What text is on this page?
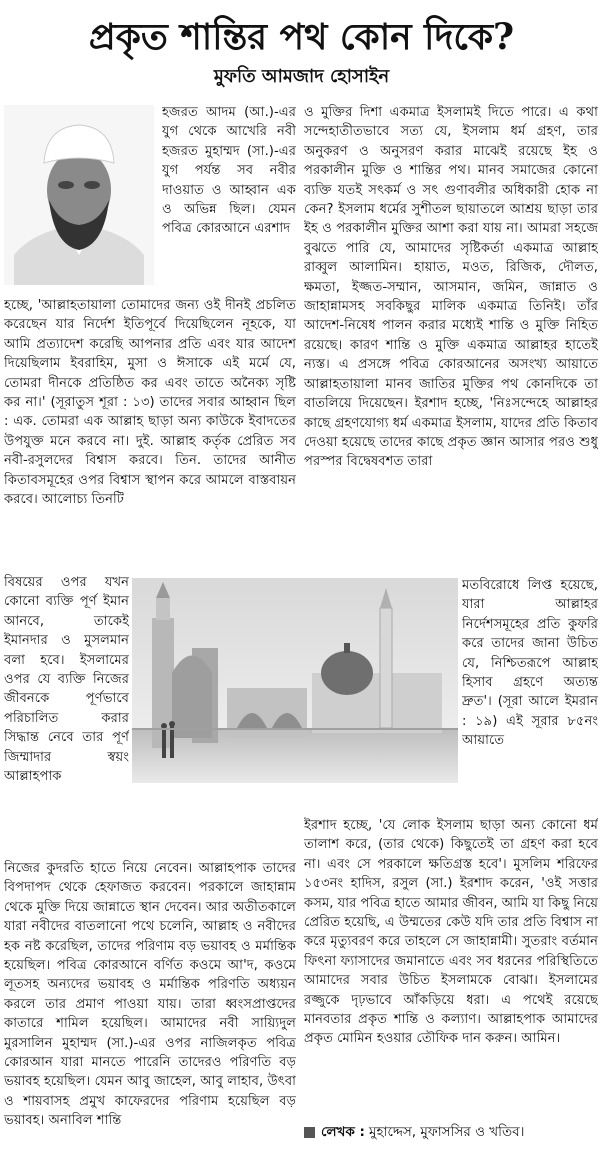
প্রকৃত শান্তির পথ কোন দিকে?
মুফতি আমজাদ হোসাইন

হজরত আদম (আ.)-এর যুগ থেকে আখেরি নবী হজরত মুহাম্মদ (সা.)-এর যুগ পর্যন্ত সব নবীর দাওয়াত ও আহ্বান এক ও অভিন্ন ছিল। যেমন পবিত্র কোরআনে এরশাদ

হচ্ছে, 'আল্লাহতায়ালা তোমাদের জন্য ওই দীনই প্রচলিত করেছেন যার নির্দেশ ইতিপূর্বে দিয়েছিলেন নূহকে, যা আমি প্রত্যাদেশ করেছি আপনার প্রতি এবং যার আদেশ দিয়েছিলাম ইবরাহিম, মুসা ও ঈসাকে এই মর্মে যে, তোমরা দীনকে প্রতিষ্ঠিত কর এবং তাতে অনৈক্য সৃষ্টি কর না।' (সূরাতুস শূরা : ১৩) তাদের সবার আহ্বান ছিল : এক. তোমরা এক আল্লাহ ছাড়া অন্য কাউকে ইবাদতের উপযুক্ত মনে করবে না। দুই. আল্লাহ কর্তৃক প্রেরিত সব নবী-রসুলদের বিশ্বাস করবে। তিন. তাদের আনীত কিতাবসমূহের ওপর বিশ্বাস স্থাপন করে আমলে বাস্তবায়ন করবে। আলোচ্য তিনটি

বিষয়ের ওপর যখন কোনো ব্যক্তি পূর্ণ ইমান আনবে, তাকেই ইমানদার ও মুসলমান বলা হবে। ইসলামের ওপর যে ব্যক্তি নিজের জীবনকে পূর্ণভাবে পরিচালিত করার সিদ্ধান্ত নেবে তার পূর্ণ জিম্মাদার স্বয়ং আল্লাহপাক

নিজের কুদরতি হাতে নিয়ে নেবেন। আল্লাহপাক তাদের বিপদাপদ থেকে হেফাজত করবেন। পরকালে জাহান্নাম থেকে মুক্তি দিয়ে জান্নাতে স্থান দেবেন। আর অতীতকালে যারা নবীদের বাতলানো পথে চলেনি, আল্লাহ ও নবীদের হক নষ্ট করেছিল, তাদের পরিণাম বড় ভয়াবহ ও মর্মান্তিক হয়েছিল। পবিত্র কোরআনে বর্ণিত কওমে আ'দ, কওমে লূতসহ অন্যদের ভয়াবহ ও মর্মান্তিক পরিণতি অধ্যয়ন করলে তার প্রমাণ পাওয়া যায়। তারা ধ্বংসপ্রাপ্তদের কাতারে শামিল হয়েছিল। আমাদের নবী সায়্যিদুল মুরসালিন মুহাম্মদ (সা.)-এর ওপর নাজিলকৃত পবিত্র কোরআন যারা মানতে পারেনি তাদেরও পরিণতি বড় ভয়াবহ হয়েছিল। যেমন আবু জাহেল, আবু লাহাব, উৎবা ও শায়বাসহ প্রমুখ কাফেরদের পরিণাম হয়েছিল বড় ভয়াবহ। অনাবিল শান্তি

ও মুক্তির দিশা একমাত্র ইসলামই দিতে পারে। এ কথা সন্দেহাতীতভাবে সত্য যে, ইসলাম ধর্ম গ্রহণ, তার অনুকরণ ও অনুসরণ করার মাঝেই রয়েছে ইহ ও পরকালীন মুক্তি ও শান্তির পথ। মানব সমাজের কোনো ব্যক্তি যতই সৎকর্ম ও সৎ গুণাবলীর অধিকারী হোক না কেন? ইসলাম ধর্মের সুশীতল ছায়াতলে আশ্রয় ছাড়া তার ইহ ও পরকালীন মুক্তির আশা করা যায় না। আমরা সহজে বুঝতে পারি যে, আমাদের সৃষ্টিকর্তা একমাত্র আল্লাহ রাব্বুল আলামিন। হায়াত, মওত, রিজিক, দৌলত, ক্ষমতা, ইজ্জত-সম্মান, আসমান, জমিন, জান্নাত ও জাহান্নামসহ সবকিছুর মালিক একমাত্র তিনিই। তাঁর আদেশ-নিষেধ পালন করার মধ্যেই শান্তি ও মুক্তি নিহিত রয়েছে। কারণ শান্তি ও মুক্তি একমাত্র আল্লাহর হাতেই ন্যস্ত। এ প্রসঙ্গে পবিত্র কোরআনের অসংখ্য আয়াতে আল্লাহতায়ালা মানব জাতির মুক্তির পথ কোনদিকে তা বাতলিয়ে দিয়েছেন। ইরশাদ হচ্ছে, 'নিঃসন্দেহে আল্লাহর কাছে গ্রহণযোগ্য ধর্ম একমাত্র ইসলাম, যাদের প্রতি কিতাব দেওয়া হয়েছে তাদের কাছে প্রকৃত জ্ঞান আসার পরও শুধু পরস্পর বিদ্বেষবশত তারা

মতবিরোধে লিপ্ত হয়েছে, যারা আল্লাহর নির্দেশসমূহের প্রতি কুফরি করে তাদের জানা উচিত যে, নিশ্চিতরূপে আল্লাহ হিসাব গ্রহণে অত্যন্ত দ্রুত'। (সূরা আলে ইমরান : ১৯) এই সূরার ৮৫নং আয়াতে

ইরশাদ হচ্ছে, 'যে লোক ইসলাম ছাড়া অন্য কোনো ধর্ম তালাশ করে, (তার থেকে) কিছুতেই তা গ্রহণ করা হবে না। এবং সে পরকালে ক্ষতিগ্রস্ত হবে'। মুসলিম শরিফের ১৫৩নং হাদিস, রসুল (সা.) ইরশাদ করেন, 'ওই সত্তার কসম, যার পবিত্র হাতে আমার জীবন, আমি যা কিছু নিয়ে প্রেরিত হয়েছি, এ উম্মতের কেউ যদি তার প্রতি বিশ্বাস না করে মৃত্যুবরণ করে তাহলে সে জাহান্নামী। সুতরাং বর্তমান ফিৎনা ফ্যাসাদের জমানাতে এবং সব ধরনের পরিস্থিতিতে আমাদের সবার উচিত ইসলামকে বোঝা। ইসলামের রজ্জুকে দৃঢ়ভাবে আঁকড়িয়ে ধরা। এ পথেই রয়েছে মানবতার প্রকৃত শান্তি ও কল্যাণ। আল্লাহপাক আমাদের প্রকৃত মোমিন হওয়ার তৌফিক দান করুন। আমিন।

লেখক : মুহাদ্দেস, মুফাসসির ও খতিব।
